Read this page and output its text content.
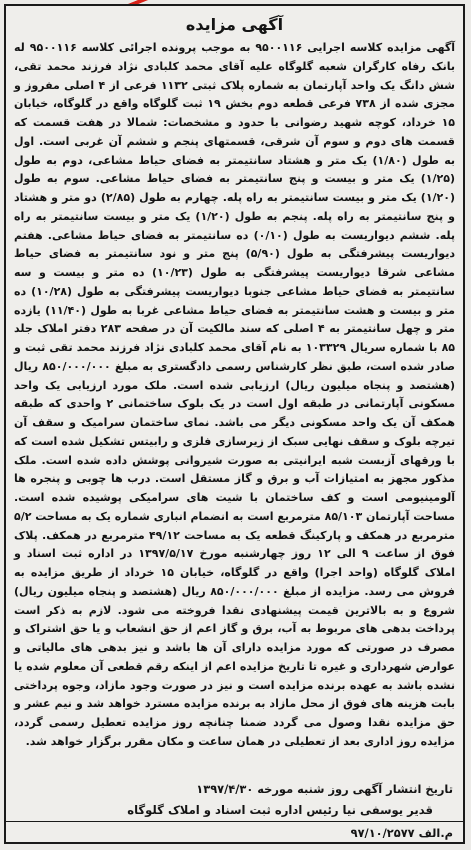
آگهی مزایده

آگهی مزایده کلاسه اجرایی ۹۵۰۰۱۱۶ به موجب پرونده اجرائی کلاسه ۹۵۰۰۱۱۶ له بانک رفاه کارگران شعبه گلوگاه علیه آقای محمد کلبادی نژاد فرزند محمد تقی، شش دانگ یک واحد آپارتمان به شماره پلاک ثبتی ۱۱۳۲ فرعی از ۴ اصلی مفروز و مجزی شده از ۷۳۸ فرعی قطعه دوم بخش ۱۹ ثبت گلوگاه واقع در گلوگاه، خیابان ۱۵ خرداد، کوچه شهید رضوانی با حدود و مشخصات: شمالا در هفت قسمت که قسمت های دوم و سوم آن شرقی، قسمتهای پنجم و ششم آن غربی است. اول به طول (۱/۸۰) یک متر و هشتاد سانتیمتر به فضای حیاط مشاعی، دوم به طول (۱/۲۵) یک متر و بیست و پنج سانتیمتر به فضای حیاط مشاعی. سوم به طول (۱/۲۰) یک متر و بیست سانتیمتر به راه پله. چهارم به طول (۲/۸۵) دو متر و هشتاد و پنج سانتیمتر به راه پله. پنجم به طول (۱/۲۰) یک متر و بیست سانتیمتر به راه پله. ششم دیواریست به طول (۰/۱۰) ده سانتیمتر به فضای حیاط مشاعی. هفتم دیواریست پیشرفتگی به طول (۵/۹۰) پنج متر و نود سانتیمتر به فضای حیاط مشاعی شرقا دیواریست پیشرفتگی به طول (۱۰/۲۳) ده متر و بیست و سه سانتیمتر به فضای حیاط مشاعی جنوبا دیواریست پیشرفتگی به طول (۱۰/۲۸) ده متر و بیست و هشت سانتیمتر به فضای حیاط مشاعی غربا به طول (۱۱/۴۰) یازده متر و چهل سانتیمتر به ۴ اصلی که سند مالکیت آن در صفحه ۲۸۳ دفتر املاک جلد ۸۵ با شماره سریال ۱۰۳۳۲۹ به نام آقای محمد کلبادی نژاد فرزند محمد تقی ثبت و صادر شده است، طبق نظر کارشناس رسمی دادگستری به مبلغ ۸۵۰/۰۰۰/۰۰۰ ریال (هشتصد و پنجاه میلیون ریال) ارزیابی شده است. ملک مورد ارزیابی یک واحد مسکونی آپارتمانی در طبقه اول است در یک بلوک ساختمانی ۲ واحدی که طبقه همکف آن یک واحد مسکونی دیگر می باشد. نمای ساختمان سرامیک و سقف آن تیرچه بلوک و سقف نهایی سبک از زیرسازی فلزی و رابیتس تشکیل شده است که با ورقهای آزبست شبه ایرانیتی به صورت شیروانی پوشش داده شده است. ملک مذکور مجهز به امتیازات آب و برق و گاز مستقل است. درب ها چوبی و پنجره ها آلومینیومی است و کف ساختمان با شیت های سرامیکی پوشیده شده است. مساحت آپارتمان ۸۵/۱۰۳ مترمربع است به انضمام انباری شماره یک به مساحت ۵/۲ مترمربع در همکف و پارکینگ قطعه یک به مساحت ۴۹/۱۲ مترمربع در همکف. پلاک فوق از ساعت ۹ الی ۱۲ روز چهارشنبه مورخ ۱۳۹۷/۵/۱۷ در اداره ثبت اسناد و املاک گلوگاه (واحد اجرا) واقع در گلوگاه، خیابان ۱۵ خرداد از طریق مزایده به فروش می رسد. مزایده از مبلغ ۸۵۰/۰۰۰/۰۰۰ ریال (هشتصد و پنجاه میلیون ریال) شروع و به بالاترین قیمت پیشنهادی نقدا فروخته می شود. لازم به ذکر است پرداخت بدهی های مربوط به آب، برق و گاز اعم از حق انشعاب و یا حق اشتراک و مصرف در صورتی که مورد مزایده دارای آن ها باشد و نیز بدهی های مالیاتی و عوارض شهرداری و غیره تا تاریخ مزایده اعم از اینکه رقم قطعی آن معلوم شده یا نشده باشد به عهده برنده مزایده است و نیز در صورت وجود مازاد، وجوه پرداختی بابت هزینه های فوق از محل مازاد به برنده مزایده مسترد خواهد شد و نیم عشر و حق مزایده نقدا وصول می گردد ضمنا چنانچه روز مزایده تعطیل رسمی گردد، مزایده روز اداری بعد از تعطیلی در همان ساعت و مکان مقرر برگزار خواهد شد.

تاریخ انتشار آگهی روز شنبه مورخه ۱۳۹۷/۴/۳۰
قدیر یوسفی نیا رئیس اداره ثبت اسناد و املاک گلوگاه
م.الف ۹۷/۱۰/۲۵۷۷
